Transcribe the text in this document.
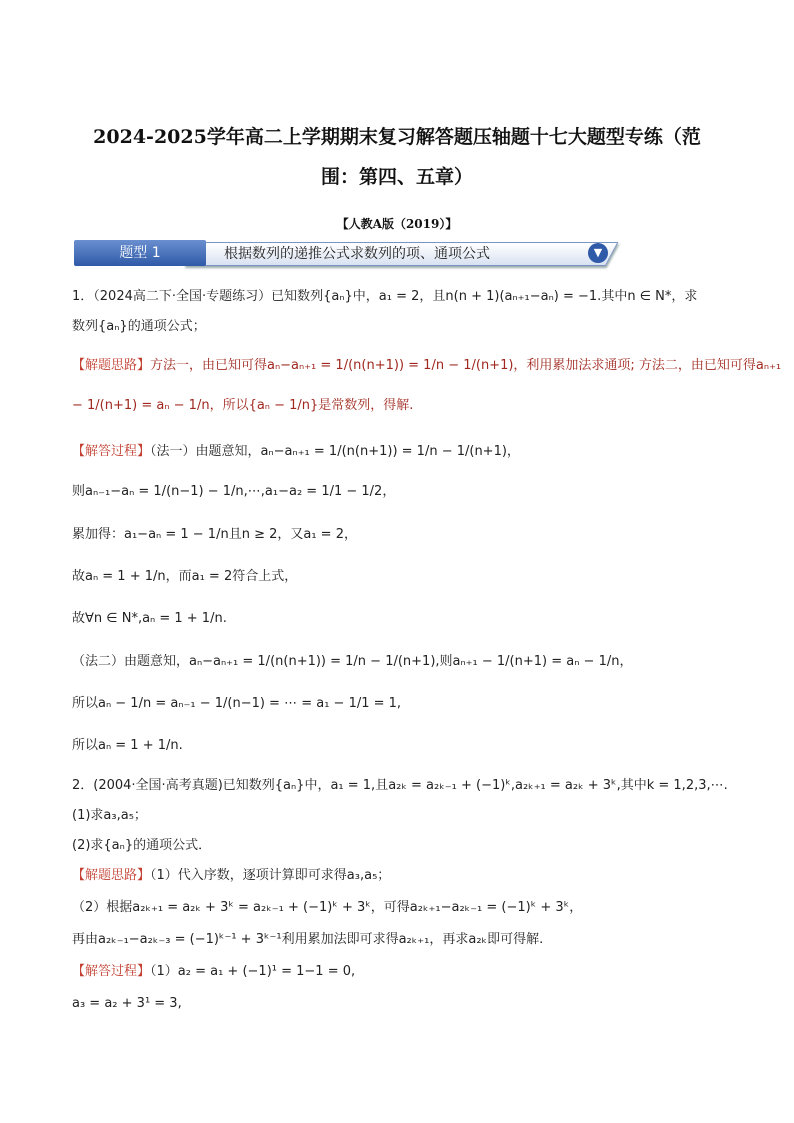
2024-2025学年高二上学期期末复习解答题压轴题十七大题型专练（范
围：第四、五章）
【人教A版（2019）】
题型 1	根据数列的递推公式求数列的项、通项公式	▼
1．（2024高二下·全国·专题练习）已知数列{aₙ}中，a₁ = 2，且n(n + 1)(aₙ₊₁−aₙ) = −1.其中n ∈ N*，求
数列{aₙ}的通项公式；
【解题思路】方法一，由已知可得aₙ−aₙ₊₁ = 1/(n(n+1)) = 1/n − 1/(n+1)，利用累加法求通项; 方法二，由已知可得aₙ₊₁
− 1/(n+1) = aₙ − 1/n，所以{aₙ − 1/n}是常数列，得解.
【解答过程】（法一）由题意知，aₙ−aₙ₊₁ = 1/(n(n+1)) = 1/n − 1/(n+1)，
则aₙ₋₁−aₙ = 1/(n−1) − 1/n,⋯,a₁−a₂ = 1/1 − 1/2，
累加得：a₁−aₙ = 1 − 1/n且n ≥ 2，又a₁ = 2，
故aₙ = 1 + 1/n，而a₁ = 2符合上式，
故∀n ∈ N*,aₙ = 1 + 1/n.
（法二）由题意知，aₙ−aₙ₊₁ = 1/(n(n+1)) = 1/n − 1/(n+1),则aₙ₊₁ − 1/(n+1) = aₙ − 1/n，
所以aₙ − 1/n = aₙ₋₁ − 1/(n−1) = ⋯ = a₁ − 1/1 = 1,
所以aₙ = 1 + 1/n.
2．(2004·全国·高考真题)已知数列{aₙ}中，a₁ = 1,且a₂ₖ = a₂ₖ₋₁ + (−1)ᵏ,a₂ₖ₊₁ = a₂ₖ + 3ᵏ,其中k = 1,2,3,⋯.
(1)求a₃,a₅；
(2)求{aₙ}的通项公式．
【解题思路】（1）代入序数，逐项计算即可求得a₃,a₅；
（2）根据a₂ₖ₊₁ = a₂ₖ + 3ᵏ = a₂ₖ₋₁ + (−1)ᵏ + 3ᵏ，可得a₂ₖ₊₁−a₂ₖ₋₁ = (−1)ᵏ + 3ᵏ，
再由a₂ₖ₋₁−a₂ₖ₋₃ = (−1)ᵏ⁻¹ + 3ᵏ⁻¹利用累加法即可求得a₂ₖ₊₁，再求a₂ₖ即可得解.
【解答过程】（1）a₂ = a₁ + (−1)¹ = 1−1 = 0,
a₃ = a₂ + 3¹ = 3,
